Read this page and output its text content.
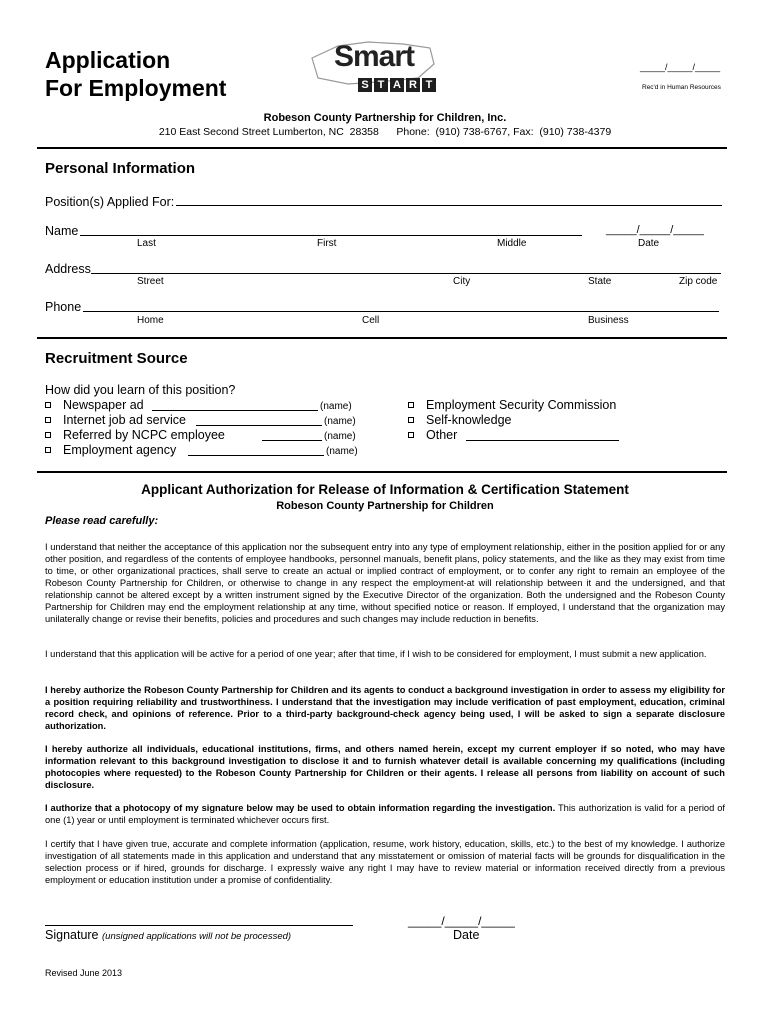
Application
For Employment
Smart
S T A R T
_____/_____/_____
Rec'd in Human Resources
Robeson County Partnership for Children, Inc.
210 East Second Street Lumberton, NC  28358      Phone:  (910) 738-6767, Fax:  (910) 738-4379
Personal Information
Position(s) Applied For:
Name	_____/_____/_____
Last	First	Middle	Date
Address
Street	City	State	Zip code
Phone
Home	Cell	Business
Recruitment Source
How did you learn of this position?
Newspaper ad	(name)
Internet job ad service	(name)
Referred by NCPC employee	(name)
Employment agency	(name)
Employment Security Commission
Self-knowledge
Other
Applicant Authorization for Release of Information & Certification Statement
Robeson County Partnership for Children
Please read carefully:

I understand that neither the acceptance of this application nor the subsequent entry into any type of employment relationship, either in the position applied for or any other position, and regardless of the contents of employee handbooks, personnel manuals, benefit plans, policy statements, and the like as they may exist from time to time, or other organizational practices, shall serve to create an actual or implied contract of employment, or to confer any right to remain an employee of the Robeson County Partnership for Children, or otherwise to change in any respect the employment-at will relationship between it and the undersigned, and that relationship cannot be altered except by a written instrument signed by the Executive Director of the organization. Both the undersigned and the Robeson County Partnership for Children may end the employment relationship at any time, without specified notice or reason. If employed, I understand that the organization may unilaterally change or revise their benefits, policies and procedures and such changes may include reduction in benefits.

I understand that this application will be active for a period of one year; after that time, if I wish to be considered for employment, I must submit a new application.

I hereby authorize the Robeson County Partnership for Children and its agents to conduct a background investigation in order to assess my eligibility for a position requiring reliability and trustworthiness. I understand that the investigation may include verification of past employment, education, criminal record check, and opinions of reference. Prior to a third-party background-check agency being used, I will be asked to sign a separate disclosure authorization.

I hereby authorize all individuals, educational institutions, firms, and others named herein, except my current employer if so noted, who may have information relevant to this background investigation to disclose it and to furnish whatever detail is available concerning my qualifications (including photocopies where requested) to the Robeson County Partnership for Children or their agents. I release all persons from liability on account of such disclosure.

I authorize that a photocopy of my signature below may be used to obtain information regarding the investigation. This authorization is valid for a period of one (1) year or until employment is terminated whichever occurs first.

I certify that I have given true, accurate and complete information (application, resume, work history, education, skills, etc.) to the best of my knowledge. I authorize investigation of all statements made in this application and understand that any misstatement or omission of material facts will be grounds for disqualification in the selection process or if hired, grounds for discharge. I expressly waive any right I may have to review material or information received directly from a previous employment or education institution under a promise of confidentiality.

Signature (unsigned applications will not be processed)
_____/_____/_____
Date
Revised June 2013
